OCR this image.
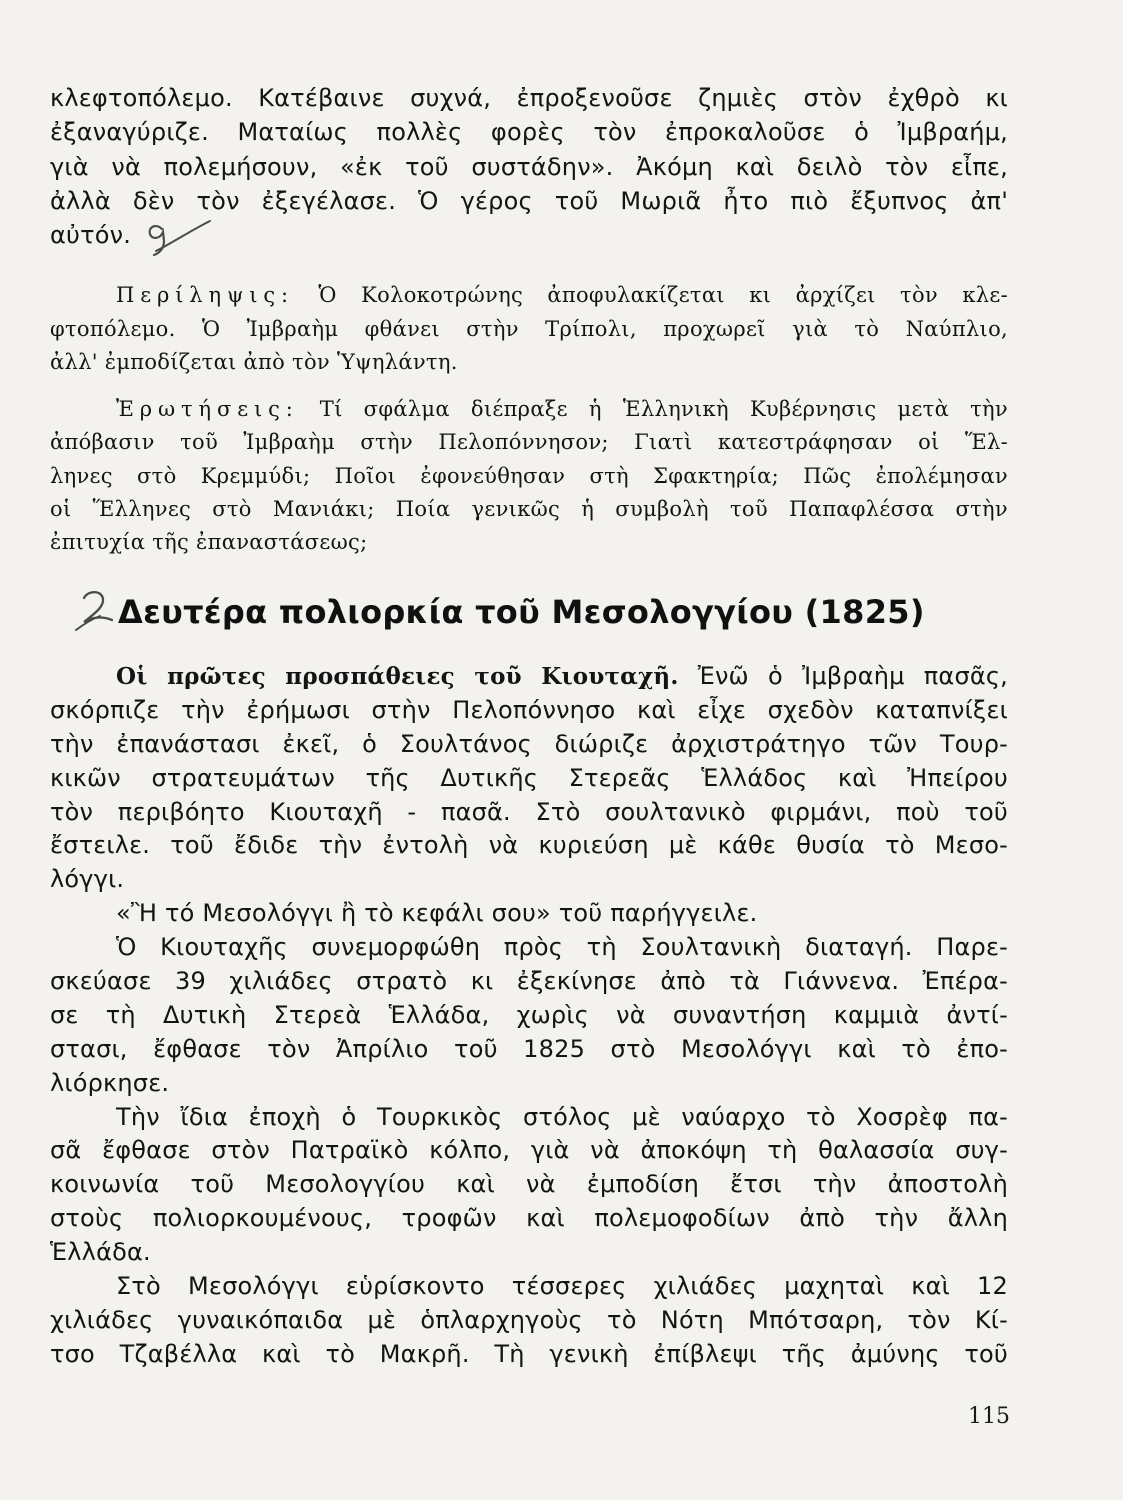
κλεφτοπόλεμο. Κατέβαινε συχνά, ἐπροξενοῦσε ζημιὲς στὸν ἐχθρὸ κι
ἐξαναγύριζε. Ματαίως πολλὲς φορὲς τὸν ἐπροκαλοῦσε ὁ Ἰμβραήμ,
γιὰ νὰ πολεμήσουν, «ἐκ τοῦ συστάδην». Ἀκόμη καὶ δειλὸ τὸν εἶπε,
ἀλλὰ δὲν τὸν ἐξεγέλασε. Ὁ γέρος τοῦ Μωριᾶ ἦτο πιὸ ἔξυπνος ἀπ'
αὐτόν.
Περίληψις: Ὁ Κολοκοτρώνης ἀποφυλακίζεται κι ἀρχίζει τὸν κλε-
φτοπόλεμο. Ὁ Ἰμβραὴμ φθάνει στὴν Τρίπολι, προχωρεῖ γιὰ τὸ Ναύπλιο,
ἀλλ' ἐμποδίζεται ἀπὸ τὸν Ὑψηλάντη.
Ἐρωτήσεις: Τί σφάλμα διέπραξε ἡ Ἑλληνικὴ Κυβέρνησις μετὰ τὴν
ἀπόβασιν τοῦ Ἰμβραὴμ στὴν Πελοπόννησον; Γιατὶ κατεστράφησαν οἱ Ἕλ-
ληνες στὸ Κρεμμύδι; Ποῖοι ἐφονεύθησαν στὴ Σφακτηρία; Πῶς ἐπολέμησαν
οἱ Ἕλληνες στὸ Μανιάκι; Ποία γενικῶς ἡ συμβολὴ τοῦ Παπαφλέσσα στὴν
ἐπιτυχία τῆς ἐπαναστάσεως;
Δευτέρα πολιορκία τοῦ Μεσολογγίου (1825)
Οἱ πρῶτες προσπάθειες τοῦ Κιουταχῆ. Ἐνῶ ὁ Ἰμβραὴμ πασᾶς,
σκόρπιζε τὴν ἐρήμωσι στὴν Πελοπόννησο καὶ εἶχε σχεδὸν καταπνίξει
τὴν ἐπανάστασι ἐκεῖ, ὁ Σουλτάνος διώριζε ἀρχιστράτηγο τῶν Τουρ-
κικῶν στρατευμάτων τῆς Δυτικῆς Στερεᾶς Ἑλλάδος καὶ Ἠπείρου
τὸν περιβόητο Κιουταχῆ - πασᾶ. Στὸ σουλτανικὸ φιρμάνι, ποὺ τοῦ
ἔστειλε. τοῦ ἔδιδε τὴν ἐντολὴ νὰ κυριεύση μὲ κάθε θυσία τὸ Μεσο-
λόγγι.
«Ἢ τό Μεσολόγγι ἢ τὸ κεφάλι σου» τοῦ παρήγγειλε.
Ὁ Κιουταχῆς συνεμορφώθη πρὸς τὴ Σουλτανικὴ διαταγή. Παρε-
σκεύασε 39 χιλιάδες στρατὸ κι ἐξεκίνησε ἀπὸ τὰ Γιάννενα. Ἐπέρα-
σε τὴ Δυτικὴ Στερεὰ Ἑλλάδα, χωρὶς νὰ συναντήση καμμιὰ ἀντί-
στασι, ἔφθασε τὸν Ἀπρίλιο τοῦ 1825 στὸ Μεσολόγγι καὶ τὸ ἐπο-
λιόρκησε.
Τὴν ἴδια ἐποχὴ ὁ Τουρκικὸς στόλος μὲ ναύαρχο τὸ Χοσρὲφ πα-
σᾶ ἔφθασε στὸν Πατραϊκὸ κόλπο, γιὰ νὰ ἀποκόψη τὴ θαλασσία συγ-
κοινωνία τοῦ Μεσολογγίου καὶ νὰ ἐμποδίση ἔτσι τὴν ἀποστολὴ
στοὺς πολιορκουμένους, τροφῶν καὶ πολεμοφοδίων ἀπὸ τὴν ἄλλη
Ἑλλάδα.
Στὸ Μεσολόγγι εὑρίσκοντο τέσσερες χιλιάδες μαχηταὶ καὶ 12
χιλιάδες γυναικόπαιδα μὲ ὁπλαρχηγοὺς τὸ Νότη Μπότσαρη, τὸν Κί-
τσο Τζαβέλλα καὶ τὸ Μακρῆ. Τὴ γενικὴ ἐπίβλεψι τῆς ἀμύνης τοῦ
115
